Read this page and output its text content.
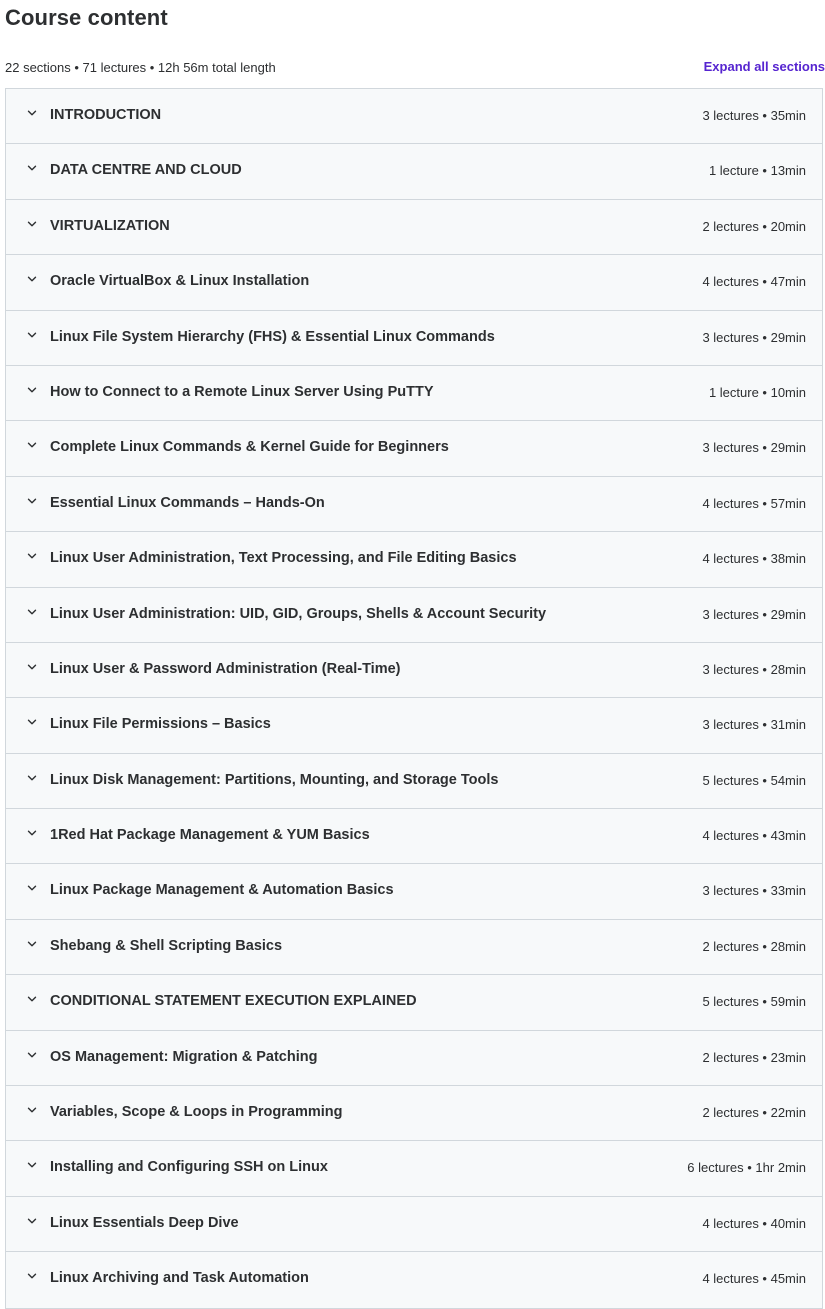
Course content
22 sections • 71 lectures • 12h 56m total length	Expand all sections
INTRODUCTION	3 lectures • 35min
DATA CENTRE AND CLOUD	1 lecture • 13min
VIRTUALIZATION	2 lectures • 20min
Oracle VirtualBox & Linux Installation	4 lectures • 47min
Linux File System Hierarchy (FHS) & Essential Linux Commands	3 lectures • 29min
How to Connect to a Remote Linux Server Using PuTTY	1 lecture • 10min
Complete Linux Commands & Kernel Guide for Beginners	3 lectures • 29min
Essential Linux Commands – Hands-On	4 lectures • 57min
Linux User Administration, Text Processing, and File Editing Basics	4 lectures • 38min
Linux User Administration: UID, GID, Groups, Shells & Account Security	3 lectures • 29min
Linux User & Password Administration (Real-Time)	3 lectures • 28min
Linux File Permissions – Basics	3 lectures • 31min
Linux Disk Management: Partitions, Mounting, and Storage Tools	5 lectures • 54min
1Red Hat Package Management & YUM Basics	4 lectures • 43min
Linux Package Management & Automation Basics	3 lectures • 33min
Shebang & Shell Scripting Basics	2 lectures • 28min
CONDITIONAL STATEMENT EXECUTION EXPLAINED	5 lectures • 59min
OS Management: Migration & Patching	2 lectures • 23min
Variables, Scope & Loops in Programming	2 lectures • 22min
Installing and Configuring SSH on Linux	6 lectures • 1hr 2min
Linux Essentials Deep Dive	4 lectures • 40min
Linux Archiving and Task Automation	4 lectures • 45min
